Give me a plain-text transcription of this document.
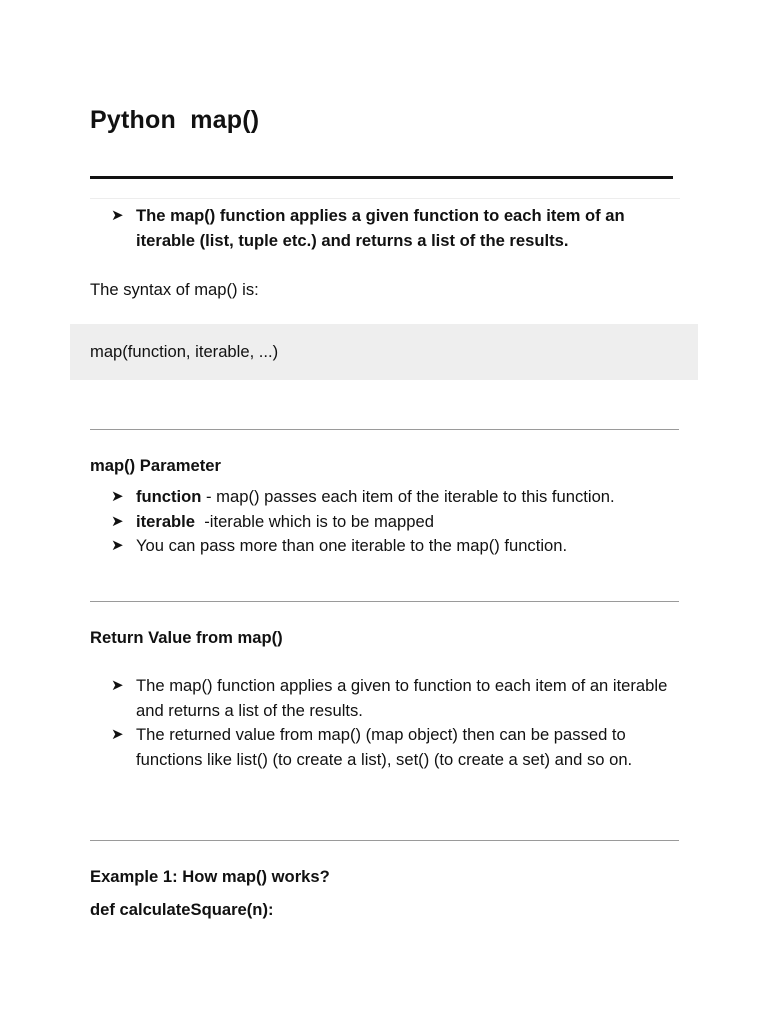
Python  map()
➤ The map() function applies a given function to each item of an iterable (list, tuple etc.) and returns a list of the results.
The syntax of map() is:
map(function, iterable, ...)
map() Parameter
➤ function - map() passes each item of the iterable to this function.
➤ iterable  -iterable which is to be mapped
➤ You can pass more than one iterable to the map() function.
Return Value from map()
➤ The map() function applies a given to function to each item of an iterable and returns a list of the results.
➤ The returned value from map() (map object) then can be passed to functions like list() (to create a list), set() (to create a set) and so on.
Example 1: How map() works?
def calculateSquare(n):
